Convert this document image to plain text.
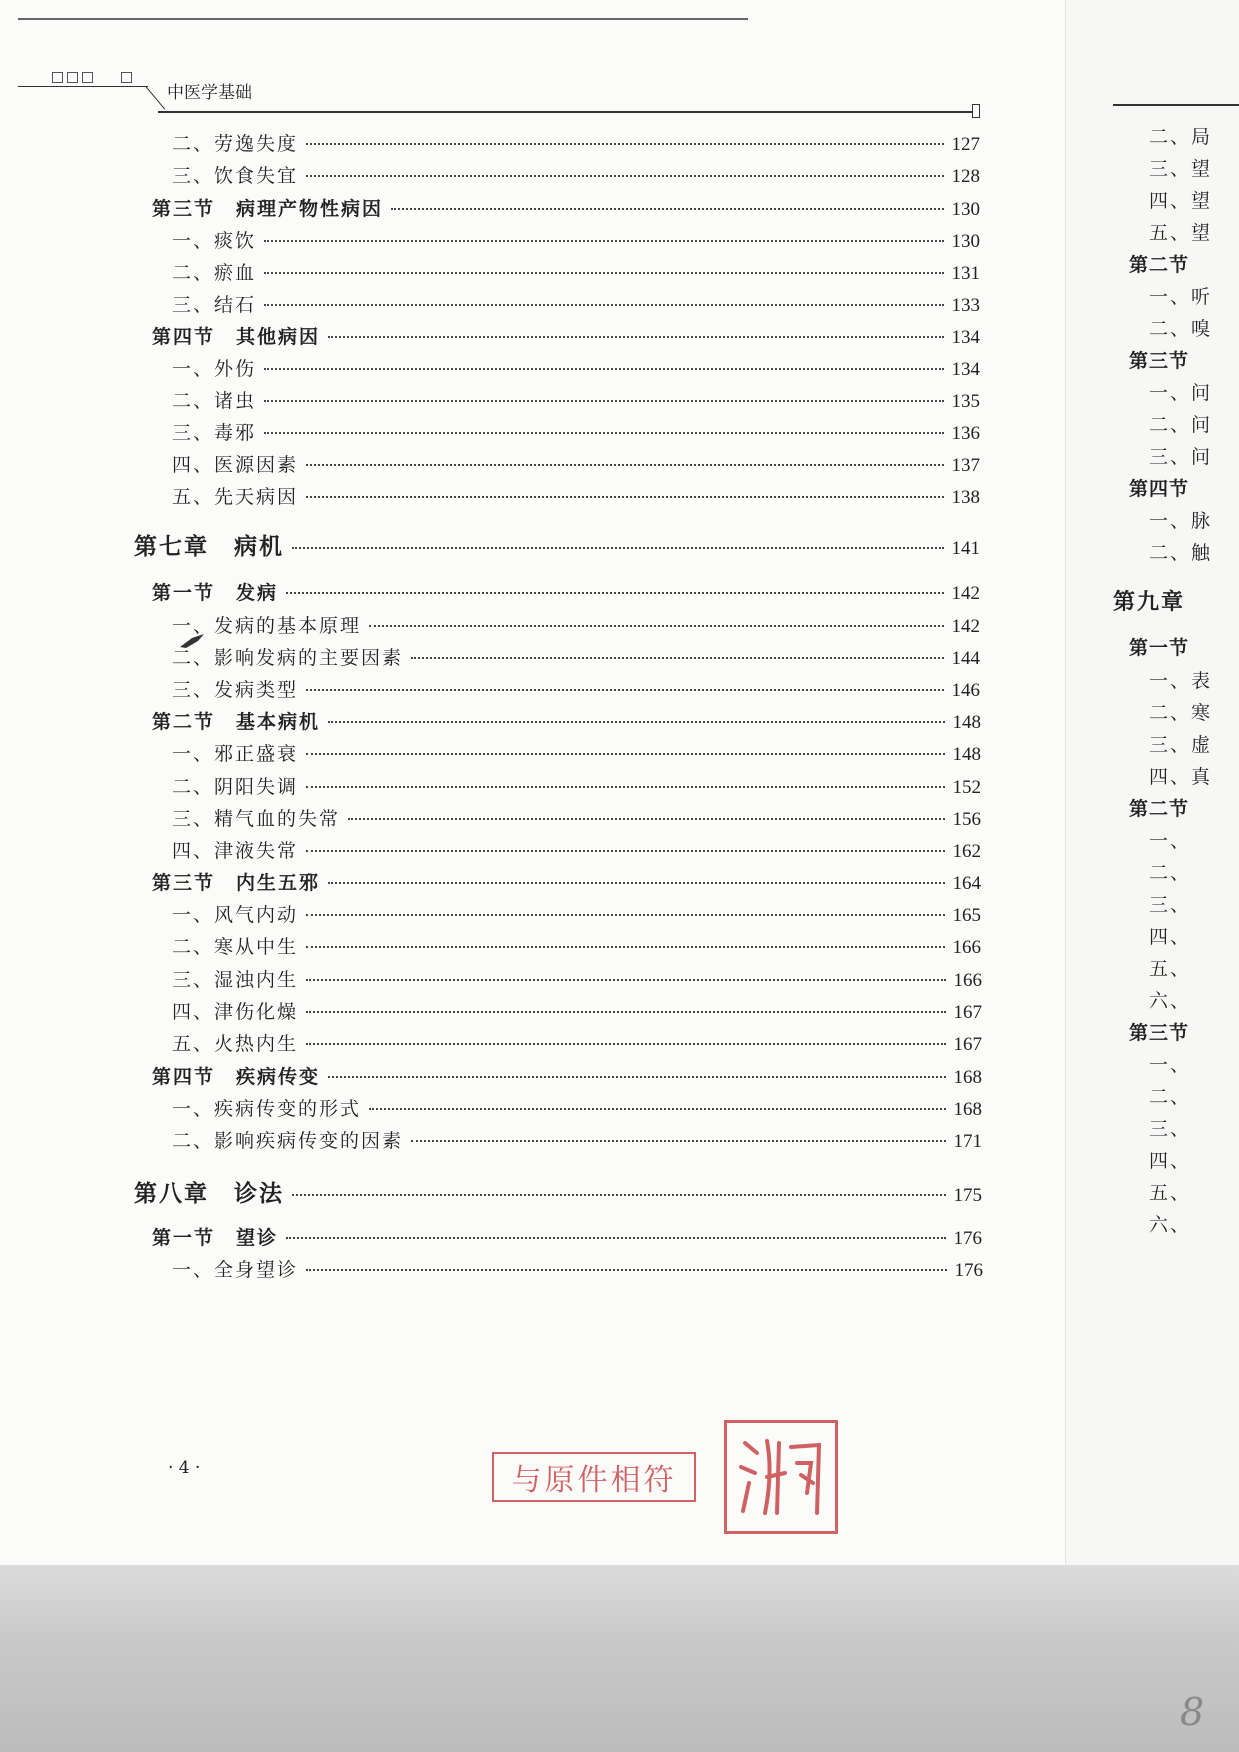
中医学基础
二、劳逸失度	127
三、饮食失宜	128
第三节　病理产物性病因	130
一、痰饮	130
二、瘀血	131
三、结石	133
第四节　其他病因	134
一、外伤	134
二、诸虫	135
三、毒邪	136
四、医源因素	137
五、先天病因	138
第七章　病机	141
第一节　发病	142
一、发病的基本原理	142
二、影响发病的主要因素	144
三、发病类型	146
第二节　基本病机	148
一、邪正盛衰	148
二、阴阳失调	152
三、精气血的失常	156
四、津液失常	162
第三节　内生五邪	164
一、风气内动	165
二、寒从中生	166
三、湿浊内生	166
四、津伤化燥	167
五、火热内生	167
第四节　疾病传变	168
一、疾病传变的形式	168
二、影响疾病传变的因素	171
第八章　诊法	175
第一节　望诊	176
一、全身望诊	176
· 4 ·	与原件相符
二、局
三、望
四、望
五、望
第二节
一、听
二、嗅
第三节
一、问
二、问
三、问
第四节
一、脉
二、触
第九章
第一节
一、表
二、寒
三、虚
四、真
第二节
一、
二、
三、
四、
五、
六、
第三节
一、
二、
三、
四、
五、
六、
8
